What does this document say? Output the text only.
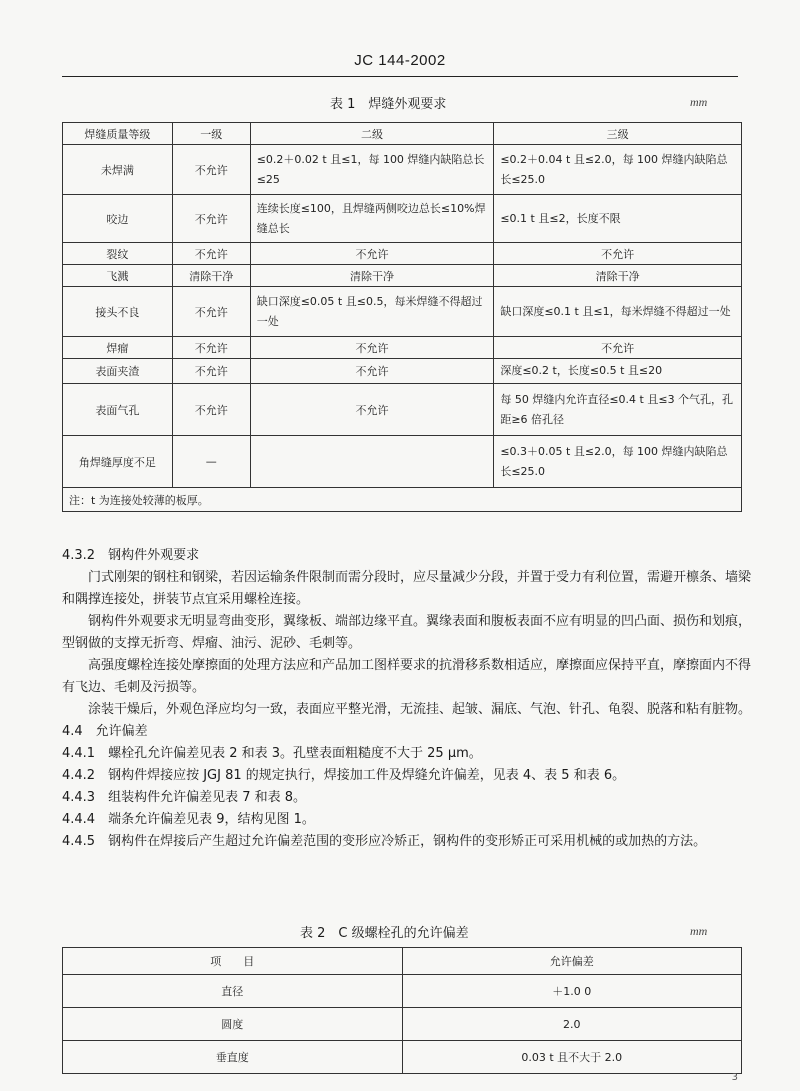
JC 144-2002
表 1　焊缝外观要求	mm
焊缝质量等级	一级	二级	三级
未焊满	不允许	≤0.2＋0.02 t 且≤1，每 100 焊缝内缺陷总长≤25	≤0.2＋0.04 t 且≤2.0，每 100 焊缝内缺陷总长≤25.0
咬边	不允许	连续长度≤100，且焊缝两侧咬边总长≤10%焊缝总长	≤0.1 t 且≤2，长度不限
裂纹	不允许	不允许	不允许
飞溅	清除干净	清除干净	清除干净
接头不良	不允许	缺口深度≤0.05 t 且≤0.5，每米焊缝不得超过一处	缺口深度≤0.1 t 且≤1，每米焊缝不得超过一处
焊瘤	不允许	不允许	不允许
表面夹渣	不允许	不允许	深度≤0.2 t，长度≤0.5 t 且≤20
表面气孔	不允许	不允许	每 50 焊缝内允许直径≤0.4 t 且≤3 个气孔，孔距≥6 倍孔径
角焊缝厚度不足	—		≤0.3＋0.05 t 且≤2.0，每 100 焊缝内缺陷总长≤25.0
注：t 为连接处较薄的板厚。			

4.3.2　钢构件外观要求

门式刚架的钢柱和钢梁，若因运输条件限制而需分段时，应尽量减少分段，并置于受力有利位置，需避开檩条、墙梁和隅撑连接处，拼装节点宜采用螺栓连接。

钢构件外观要求无明显弯曲变形，翼缘板、端部边缘平直。翼缘表面和腹板表面不应有明显的凹凸面、损伤和划痕，型钢做的支撑无折弯、焊瘤、油污、泥砂、毛刺等。

高强度螺栓连接处摩擦面的处理方法应和产品加工图样要求的抗滑移系数相适应，摩擦面应保持平直，摩擦面内不得有飞边、毛刺及污损等。

涂装干燥后，外观色泽应均匀一致，表面应平整光滑，无流挂、起皱、漏底、气泡、针孔、龟裂、脱落和粘有脏物。

4.4　允许偏差

4.4.1　螺栓孔允许偏差见表 2 和表 3。孔壁表面粗糙度不大于 25 μm。

4.4.2　钢构件焊接应按 JGJ 81 的规定执行，焊接加工件及焊缝允许偏差，见表 4、表 5 和表 6。

4.4.3　组装构件允许偏差见表 7 和表 8。

4.4.4　端条允许偏差见表 9，结构见图 1。

4.4.5　钢构件在焊接后产生超过允许偏差范围的变形应冷矫正，钢构件的变形矫正可采用机械的或加热的方法。

表 2　C 级螺栓孔的允许偏差	mm
项　　目	允许偏差
直径	＋1.0 0
圆度	2.0
垂直度	0.03 t 且不大于 2.0
3
